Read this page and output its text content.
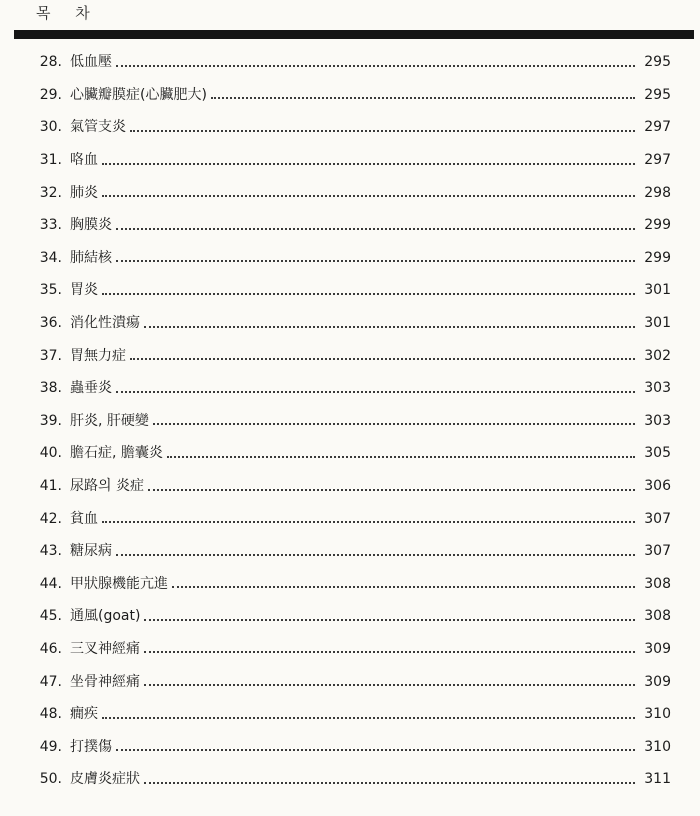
목 차
28. 低血壓	295
29. 心臟瓣膜症(心臟肥大)	295
30. 氣管支炎	297
31. 咯血	297
32. 肺炎	298
33. 胸膜炎	299
34. 肺結核	299
35. 胃炎	301
36. 消化性潰瘍	301
37. 胃無力症	302
38. 蟲垂炎	303
39. 肝炎, 肝硬變	303
40. 膽石症, 膽囊炎	305
41. 尿路의 炎症	306
42. 貧血	307
43. 糖尿病	307
44. 甲狀腺機能亢進	308
45. 通風(goat)	308
46. 三叉神經痛	309
47. 坐骨神經痛	309
48. 癇疾	310
49. 打撲傷	310
50. 皮膚炎症狀	311
